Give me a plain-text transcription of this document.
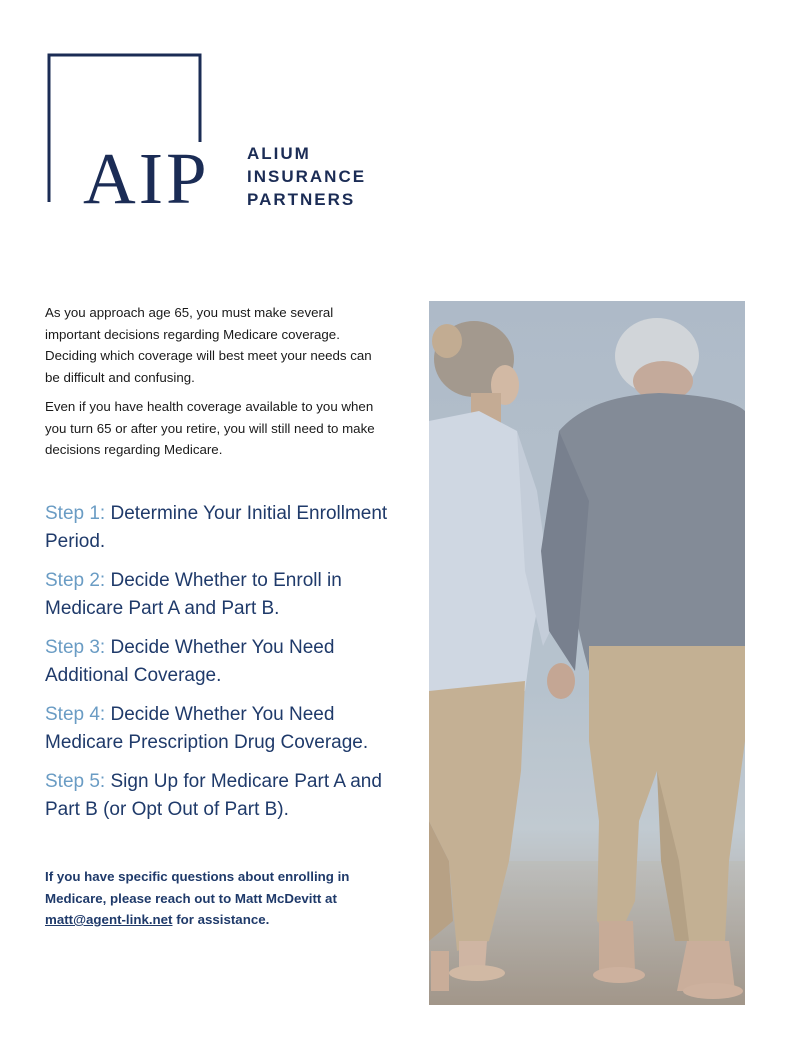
AIP ALIUM
INSURANCE
PARTNERS

As you approach age 65, you must make several important decisions regarding Medicare coverage. Deciding which coverage will best meet your needs can be difficult and confusing.

Even if you have health coverage available to you when you turn 65 or after you retire, you will still need to make decisions regarding Medicare.

Step 1: Determine Your Initial Enrollment Period.
Step 2: Decide Whether to Enroll in Medicare Part A and Part B.
Step 3: Decide Whether You Need Additional Coverage.
Step 4: Decide Whether You Need Medicare Prescription Drug Coverage.
Step 5: Sign Up for Medicare Part A and Part B (or Opt Out of Part B).
If you have specific questions about enrolling in Medicare, please reach out to Matt McDevitt at matt@agent-link.net for assistance.
